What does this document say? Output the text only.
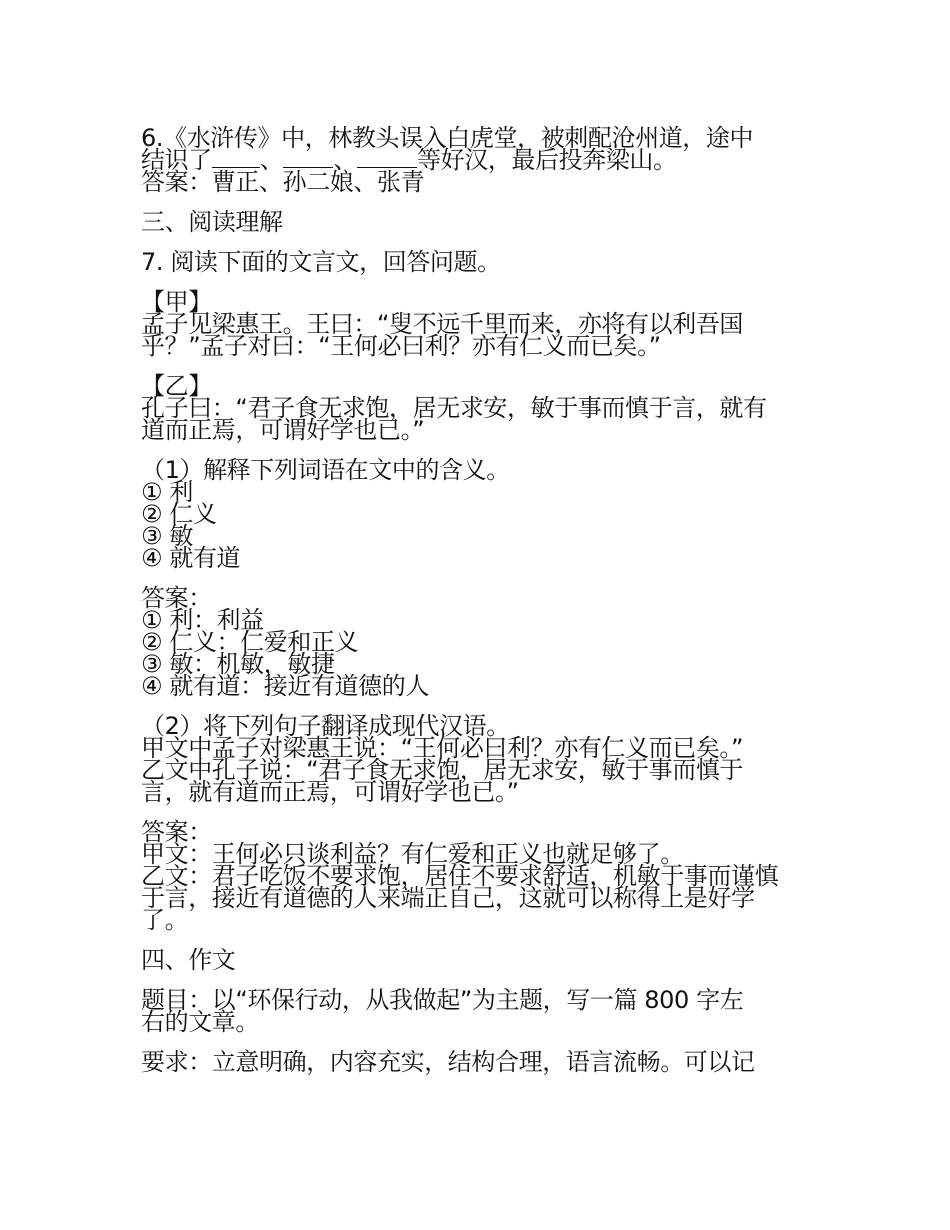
6.《水浒传》中，林教头误入白虎堂，被刺配沧州道，途中
结识了 、 、	等好汉，最后投奔梁山。
答案：曹正、孙二娘、张青
三、阅读理解
7. 阅读下面的文言文，回答问题。
【甲】
孟子见梁惠王。王曰：“叟不远千里而来，亦将有以利吾国
乎？”孟子对曰：“王何必曰利？亦有仁义而已矣。”
【乙】
孔子曰：“君子食无求饱，居无求安，敏于事而慎于言，就有
道而正焉，可谓好学也已。”
（1）解释下列词语在文中的含义。
① 利
② 仁义
③ 敏
④ 就有道
答案：
① 利：利益
② 仁义：仁爱和正义
③ 敏：机敏，敏捷
④ 就有道：接近有道德的人
（2）将下列句子翻译成现代汉语。
甲文中孟子对梁惠王说：“王何必曰利？亦有仁义而已矣。”
乙文中孔子说：“君子食无求饱，居无求安，敏于事而慎于
言，就有道而正焉，可谓好学也已。”
答案：
甲文：王何必只谈利益？有仁爱和正义也就足够了。
乙文：君子吃饭不要求饱，居住不要求舒适，机敏于事而谨慎
于言，接近有道德的人来端正自己，这就可以称得上是好学
了。
四、作文
题目：以“环保行动，从我做起”为主题，写一篇 800 字左
右的文章。
要求：立意明确，内容充实，结构合理，语言流畅。可以记
